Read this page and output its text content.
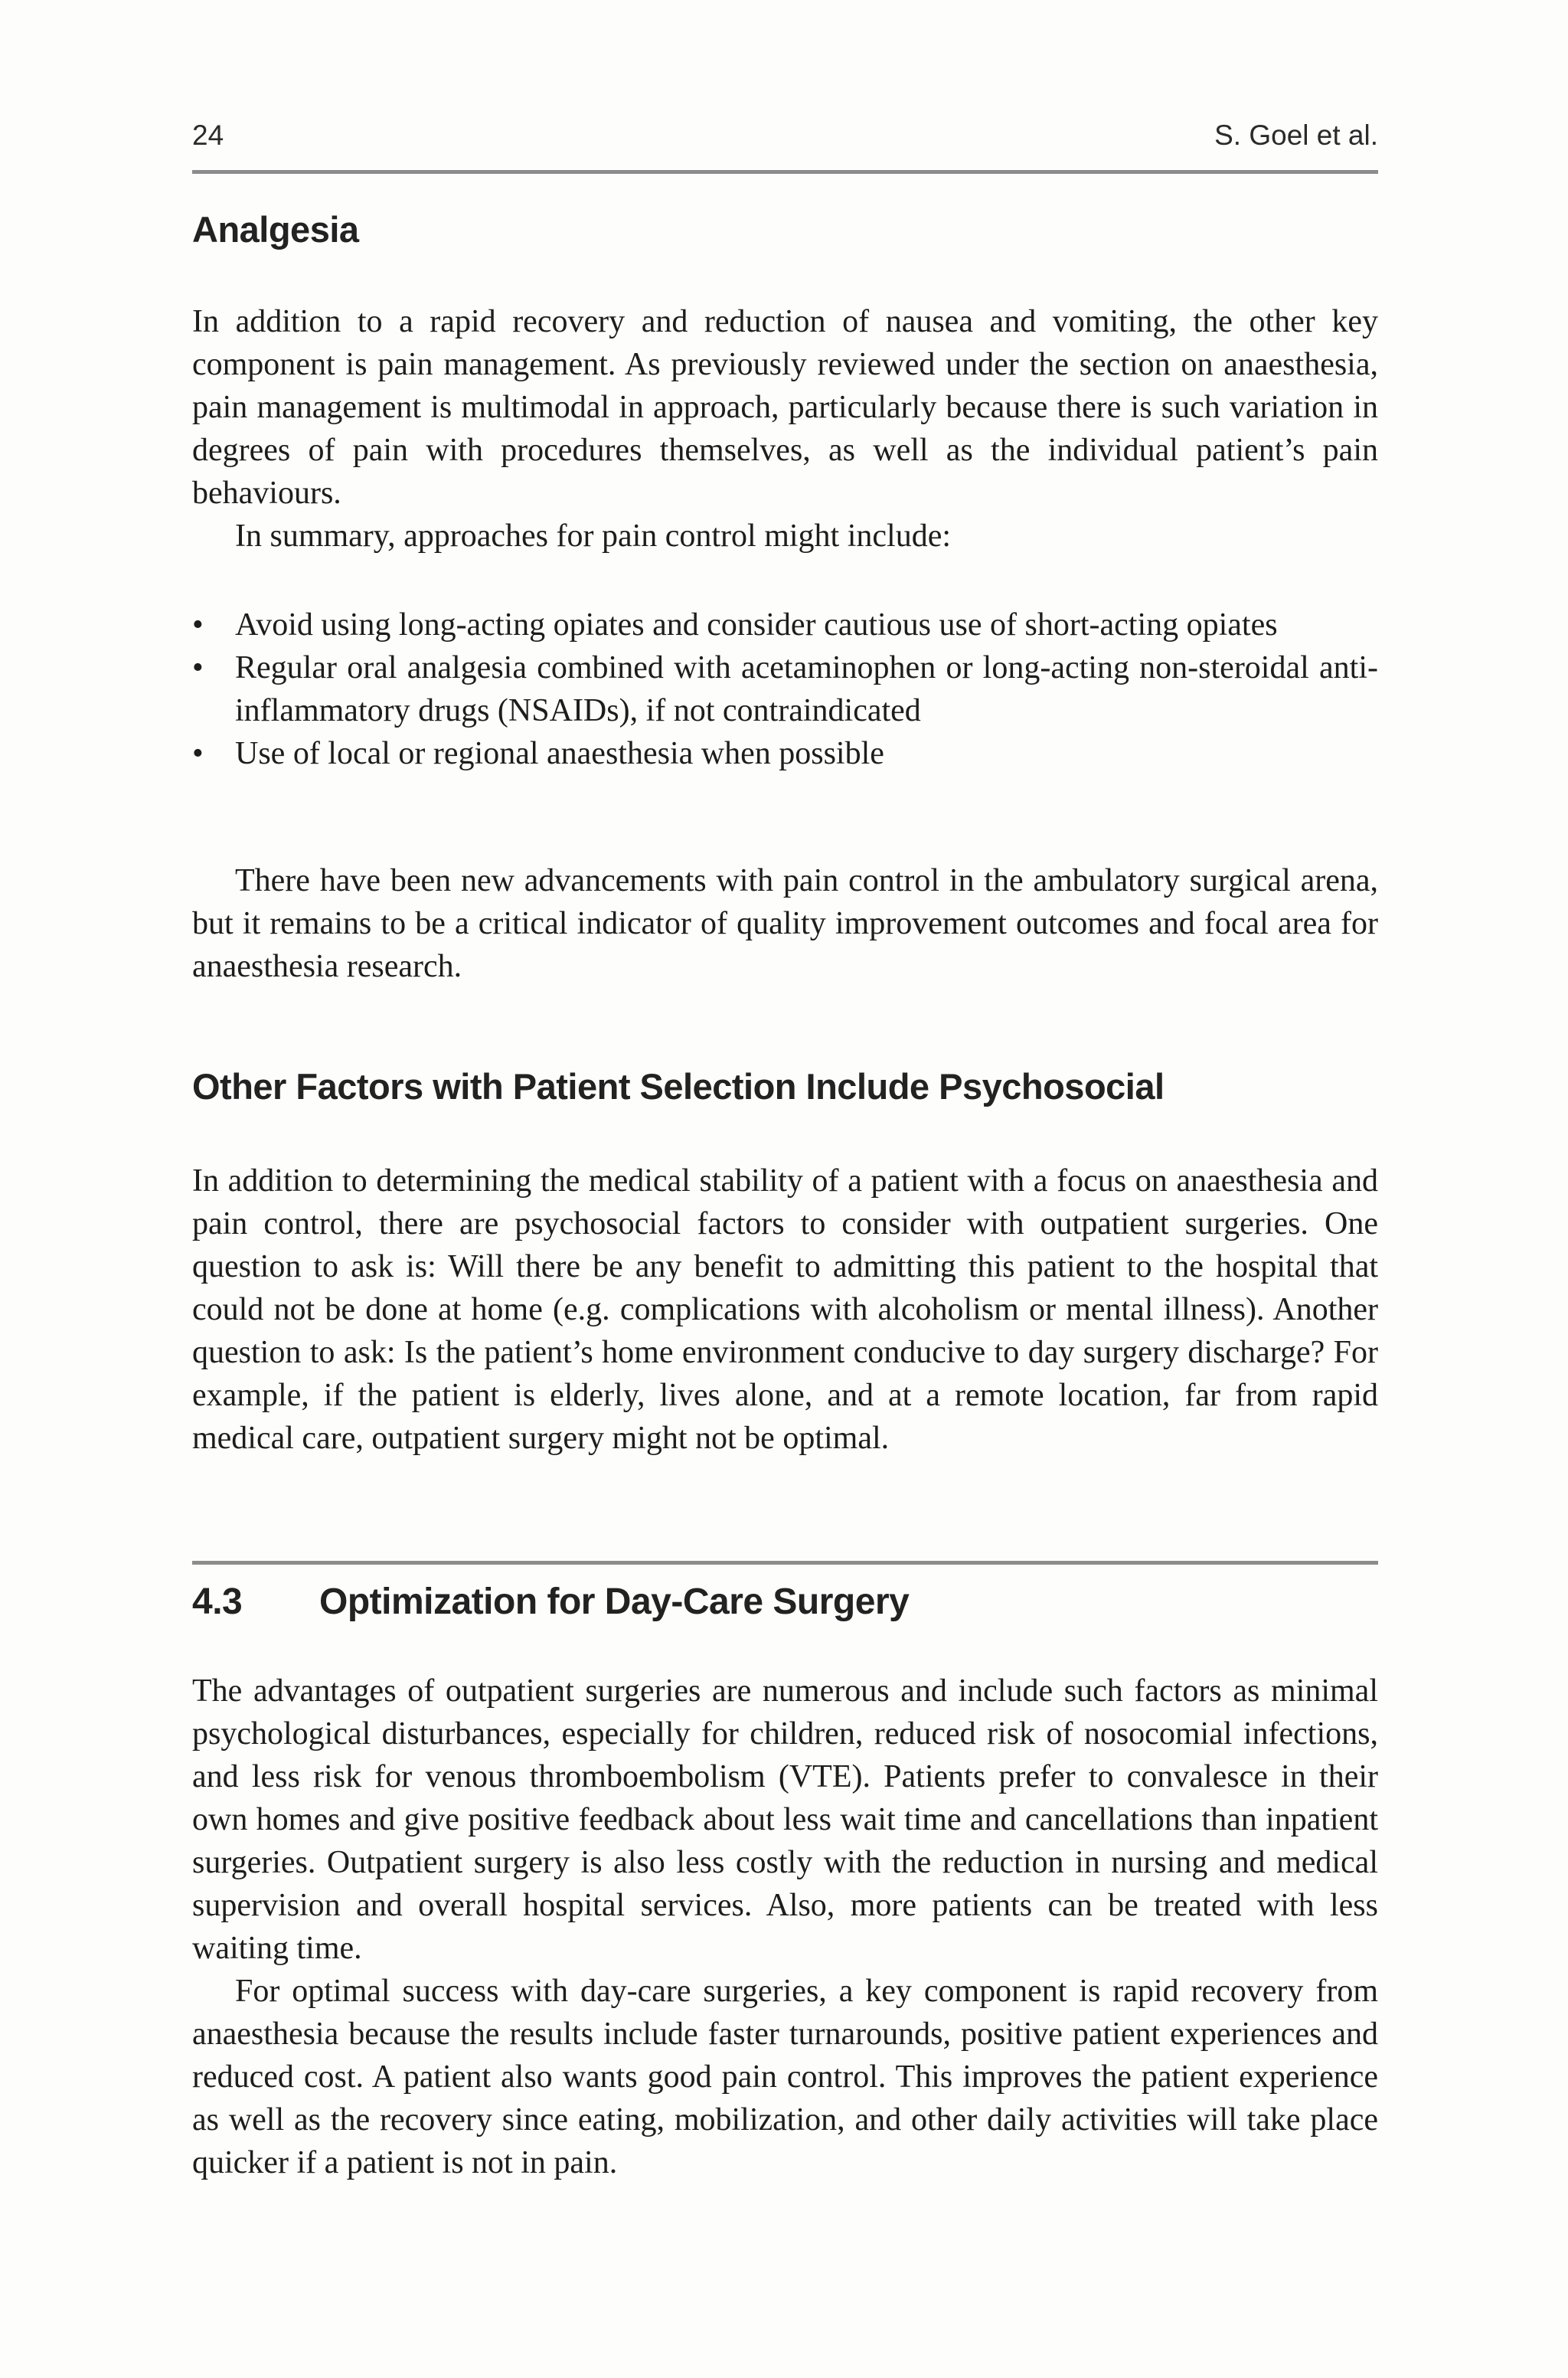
24	S. Goel et al.
Analgesia

In addition to a rapid recovery and reduction of nausea and vomiting, the other key component is pain management. As previously reviewed under the section on anaesthesia, pain management is multimodal in approach, particularly because there is such variation in degrees of pain with procedures themselves, as well as the individual patient’s pain behaviours.

In summary, approaches for pain control might include:

• Avoid using long-acting opiates and consider cautious use of short-acting opiates
• Regular oral analgesia combined with acetaminophen or long-acting non-steroidal anti-inflammatory drugs (NSAIDs), if not contraindicated
• Use of local or regional anaesthesia when possible

There have been new advancements with pain control in the ambulatory surgical arena, but it remains to be a critical indicator of quality improvement outcomes and focal area for anaesthesia research.

Other Factors with Patient Selection Include Psychosocial

In addition to determining the medical stability of a patient with a focus on anaesthesia and pain control, there are psychosocial factors to consider with outpatient surgeries. One question to ask is: Will there be any benefit to admitting this patient to the hospital that could not be done at home (e.g. complications with alcoholism or mental illness). Another question to ask: Is the patient’s home environment conducive to day surgery discharge? For example, if the patient is elderly, lives alone, and at a remote location, far from rapid medical care, outpatient surgery might not be optimal.

4.3 Optimization for Day-Care Surgery

The advantages of outpatient surgeries are numerous and include such factors as minimal psychological disturbances, especially for children, reduced risk of nosocomial infections, and less risk for venous thromboembolism (VTE). Patients prefer to convalesce in their own homes and give positive feedback about less wait time and cancellations than inpatient surgeries. Outpatient surgery is also less costly with the reduction in nursing and medical supervision and overall hospital services. Also, more patients can be treated with less waiting time.

For optimal success with day-care surgeries, a key component is rapid recovery from anaesthesia because the results include faster turnarounds, positive patient experiences and reduced cost. A patient also wants good pain control. This improves the patient experience as well as the recovery since eating, mobilization, and other daily activities will take place quicker if a patient is not in pain.
